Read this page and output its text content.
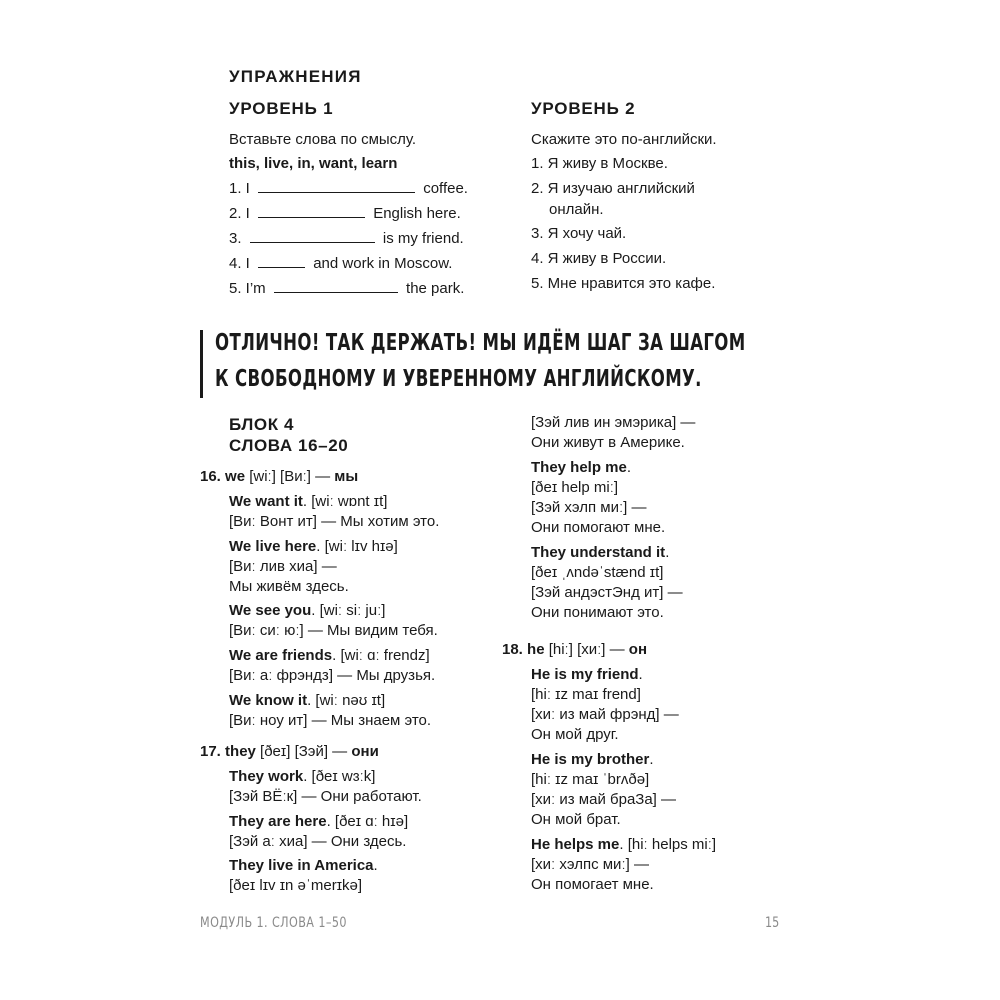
УПРАЖНЕНИЯ
УРОВЕНЬ 1
Вставьте слова по смыслу.
this, live, in, want, learn
1. I	coffee.
2. I	English here.
3.	is my friend.
4. I	and work in Moscow.
5. I’m	the park.
УРОВЕНЬ 2
Скажите это по-английски.
1. Я живу в Москве.
2. Я изучаю английский
онлайн.
3. Я хочу чай.
4. Я живу в России.
5. Мне нравится это кафе.
ОТЛИЧНО! ТАК ДЕРЖАТЬ! МЫ ИДЁМ ШАГ ЗА ШАГОМ
К СВОБОДНОМУ И УВЕРЕННОМУ АНГЛИЙСКОМУ.
БЛОК 4
СЛОВА 16–20
16. we [wiː] [Виː] — мы
We want it. [wiː wɒnt ɪt]
[Виː Вонт ит] — Мы хотим это.
We live here. [wiː lɪv hɪə]
[Виː лив хиа] —
Мы живём здесь.
We see you. [wiː siː juː]
[Виː сиː юː] — Мы видим тебя.
We are friends. [wiː ɑː frendz]
[Виː аː фрэндз] — Мы друзья.
We know it. [wiː nəʊ ɪt]
[Виː ноу ит] — Мы знаем это.
17. they [ðeɪ] [Зэй] — они
They work. [ðeɪ wɜːk]
[Зэй ВЁːк] — Они работают.
They are here. [ðeɪ ɑː hɪə]
[Зэй аː хиа] — Они здесь.
They live in America.
[ðeɪ lɪv ɪn əˈmerɪkə]
[Зэй лив ин эмэрика] —
Они живут в Америке.
They help me.
[ðeɪ help miː]
[Зэй хэлп миː] —
Они помогают мне.
They understand it.
[ðeɪ ˌʌndəˈstænd ɪt]
[Зэй андэстЭнд ит] —
Они понимают это.
18. he [hiː] [хиː] — он
He is my friend.
[hiː ɪz maɪ frend]
[хиː из май фрэнд] —
Он мой друг.
He is my brother.
[hiː ɪz maɪ ˈbrʌðə]
[хиː из май браЗа] —
Он мой брат.
He helps me. [hiː helps miː]
[хиː хэлпс миː] —
Он помогает мне.
МОДУЛЬ 1. СЛОВА 1–50	15
